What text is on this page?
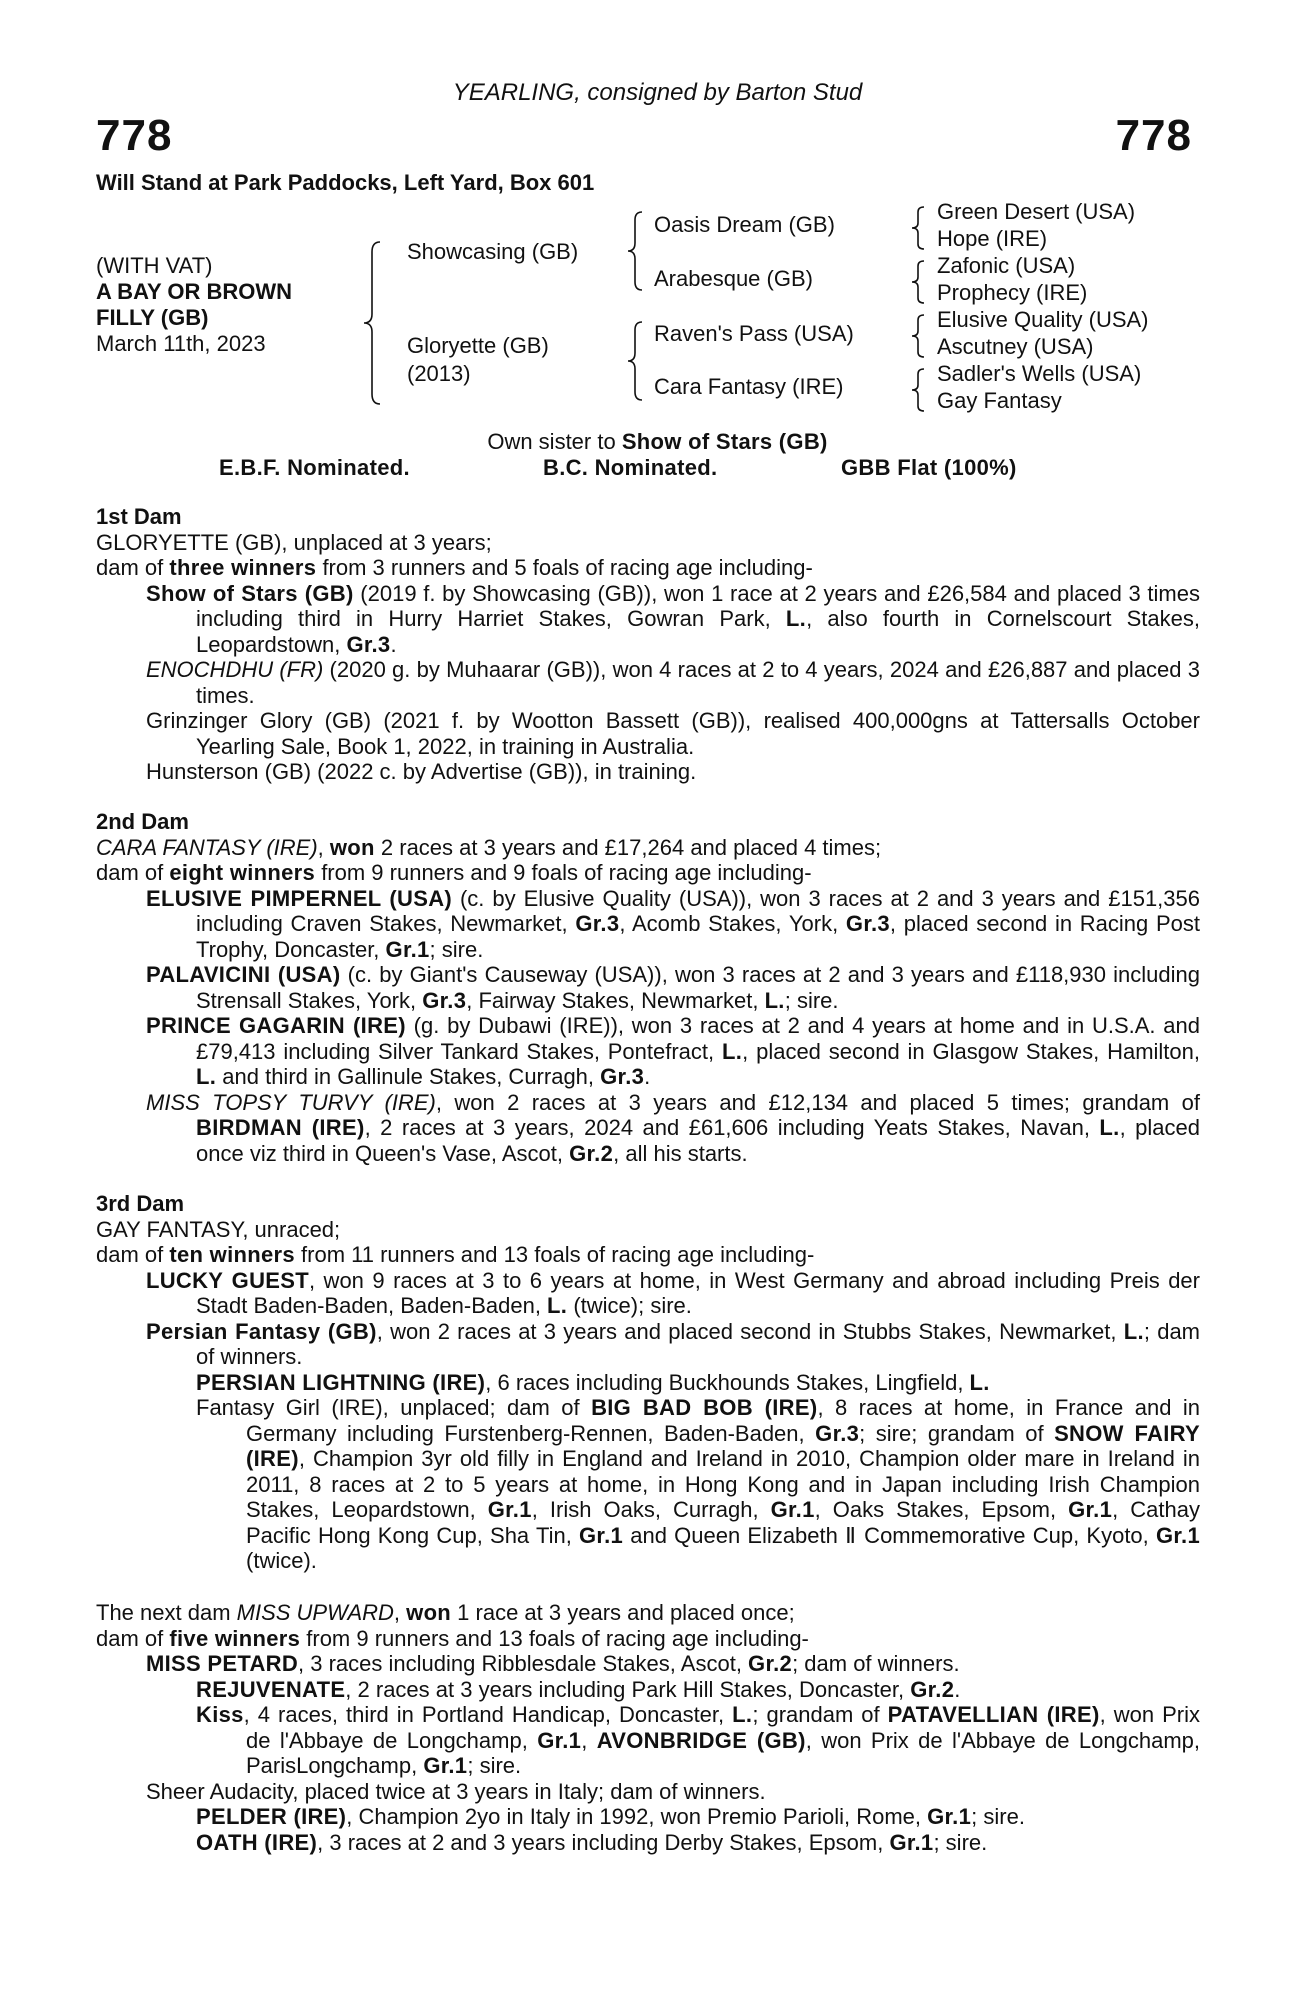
YEARLING, consigned by Barton Stud
778	778
Will Stand at Park Paddocks, Left Yard, Box 601
(WITH VAT)
A BAY OR BROWN
FILLY (GB)
March 11th, 2023
Showcasing (GB)
Gloryette (GB)
(2013)
Oasis Dream (GB)
Arabesque (GB)
Raven's Pass (USA)
Cara Fantasy (IRE)
Green Desert (USA)
Hope (IRE)
Zafonic (USA)
Prophecy (IRE)
Elusive Quality (USA)
Ascutney (USA)
Sadler's Wells (USA)
Gay Fantasy
Own sister to Show of Stars (GB)
E.B.F. Nominated.	B.C. Nominated.	GBB Flat (100%)
1st Dam
GLORYETTE (GB), unplaced at 3 years;
dam of three winners from 3 runners and 5 foals of racing age including-
Show of Stars (GB) (2019 f. by Showcasing (GB)), won 1 race at 2 years and £26,584 and placed 3 times including third in Hurry Harriet Stakes, Gowran Park, L., also fourth in Cornelscourt Stakes, Leopardstown, Gr.3.
ENOCHDHU (FR) (2020 g. by Muhaarar (GB)), won 4 races at 2 to 4 years, 2024 and £26,887 and placed 3 times.
Grinzinger Glory (GB) (2021 f. by Wootton Bassett (GB)), realised 400,000gns at Tattersalls October Yearling Sale, Book 1, 2022, in training in Australia.
Hunsterson (GB) (2022 c. by Advertise (GB)), in training.
2nd Dam
CARA FANTASY (IRE), won 2 races at 3 years and £17,264 and placed 4 times;
dam of eight winners from 9 runners and 9 foals of racing age including-
ELUSIVE PIMPERNEL (USA) (c. by Elusive Quality (USA)), won 3 races at 2 and 3 years and £151,356 including Craven Stakes, Newmarket, Gr.3, Acomb Stakes, York, Gr.3, placed second in Racing Post Trophy, Doncaster, Gr.1; sire.
PALAVICINI (USA) (c. by Giant's Causeway (USA)), won 3 races at 2 and 3 years and £118,930 including Strensall Stakes, York, Gr.3, Fairway Stakes, Newmarket, L.; sire.
PRINCE GAGARIN (IRE) (g. by Dubawi (IRE)), won 3 races at 2 and 4 years at home and in U.S.A. and £79,413 including Silver Tankard Stakes, Pontefract, L., placed second in Glasgow Stakes, Hamilton, L. and third in Gallinule Stakes, Curragh, Gr.3.
MISS TOPSY TURVY (IRE), won 2 races at 3 years and £12,134 and placed 5 times; grandam of BIRDMAN (IRE), 2 races at 3 years, 2024 and £61,606 including Yeats Stakes, Navan, L., placed once viz third in Queen's Vase, Ascot, Gr.2, all his starts.
3rd Dam
GAY FANTASY, unraced;
dam of ten winners from 11 runners and 13 foals of racing age including-
LUCKY GUEST, won 9 races at 3 to 6 years at home, in West Germany and abroad including Preis der Stadt Baden-Baden, Baden-Baden, L. (twice); sire.
Persian Fantasy (GB), won 2 races at 3 years and placed second in Stubbs Stakes, Newmarket, L.; dam of winners.
PERSIAN LIGHTNING (IRE), 6 races including Buckhounds Stakes, Lingfield, L.
Fantasy Girl (IRE), unplaced; dam of BIG BAD BOB (IRE), 8 races at home, in France and in Germany including Furstenberg-Rennen, Baden-Baden, Gr.3; sire; grandam of SNOW FAIRY (IRE), Champion 3yr old filly in England and Ireland in 2010, Champion older mare in Ireland in 2011, 8 races at 2 to 5 years at home, in Hong Kong and in Japan including Irish Champion Stakes, Leopardstown, Gr.1, Irish Oaks, Curragh, Gr.1, Oaks Stakes, Epsom, Gr.1, Cathay Pacific Hong Kong Cup, Sha Tin, Gr.1 and Queen Elizabeth Ⅱ Commemorative Cup, Kyoto, Gr.1 (twice).
The next dam MISS UPWARD, won 1 race at 3 years and placed once;
dam of five winners from 9 runners and 13 foals of racing age including-
MISS PETARD, 3 races including Ribblesdale Stakes, Ascot, Gr.2; dam of winners.
REJUVENATE, 2 races at 3 years including Park Hill Stakes, Doncaster, Gr.2.
Kiss, 4 races, third in Portland Handicap, Doncaster, L.; grandam of PATAVELLIAN (IRE), won Prix de l'Abbaye de Longchamp, Gr.1, AVONBRIDGE (GB), won Prix de l'Abbaye de Longchamp, ParisLongchamp, Gr.1; sire.
Sheer Audacity, placed twice at 3 years in Italy; dam of winners.
PELDER (IRE), Champion 2yo in Italy in 1992, won Premio Parioli, Rome, Gr.1; sire.
OATH (IRE), 3 races at 2 and 3 years including Derby Stakes, Epsom, Gr.1; sire.
